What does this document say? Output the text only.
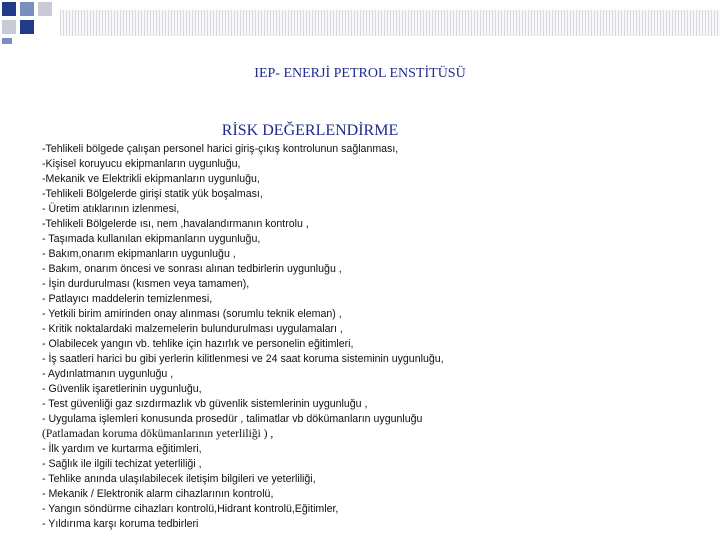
IEP- ENERJİ PETROL ENSTİTÜSÜ
RİSK DEĞERLENDİRME
-Tehlikeli bölgede çalışan personel harici giriş-çıkış kontrolunun sağlanması,
-Kişisel koruyucu ekipmanların uygunluğu,
-Mekanik ve Elektrikli ekipmanların uygunluğu,
-Tehlikeli Bölgelerde girişi statik yük boşalması,
- Üretim atıklarının izlenmesi,
-Tehlikeli Bölgelerde ısı, nem ,havalandırmanın kontrolu ,
- Taşımada kullanılan ekipmanların uygunluğu,
- Bakım,onarım ekipmanların uygunluğu ,
- Bakım, onarım öncesi ve sonrası alınan tedbirlerin uygunluğu ,
- İşin durdurulması (kısmen veya tamamen),
- Patlayıcı maddelerin temizlenmesi,
- Yetkili birim amirinden onay alınması (sorumlu teknik eleman) ,
- Kritik noktalardaki malzemelerin bulundurulması uygulamaları ,
- Olabilecek yangın vb. tehlike için hazırlık ve personelin eğitimleri,
- İş saatleri harici bu gibi yerlerin kilitlenmesi ve 24 saat koruma sisteminin uygunluğu,
- Aydınlatmanın uygunluğu ,
- Güvenlik işaretlerinin uygunluğu,
- Test güvenliği gaz sızdırmazlık vb güvenlik sistemlerinin uygunluğu ,
- Uygulama işlemleri konusunda prosedür , talimatlar vb dökümanların uygunluğu
(Patlamadan koruma dökümanlarının yeterliliği ) ,
- İlk yardım ve kurtarma eğitimleri,
- Sağlık ile ilgili techizat yeterliliği ,
- Tehlike anında ulaşılabilecek iletişim bilgileri ve yeterliliği,
- Mekanik / Elektronik alarm cihazlarının kontrolü,
- Yangın söndürme cihazları kontrolü,Hidrant kontrolü,Eğitimler,
- Yıldırıma karşı koruma tedbirleri
